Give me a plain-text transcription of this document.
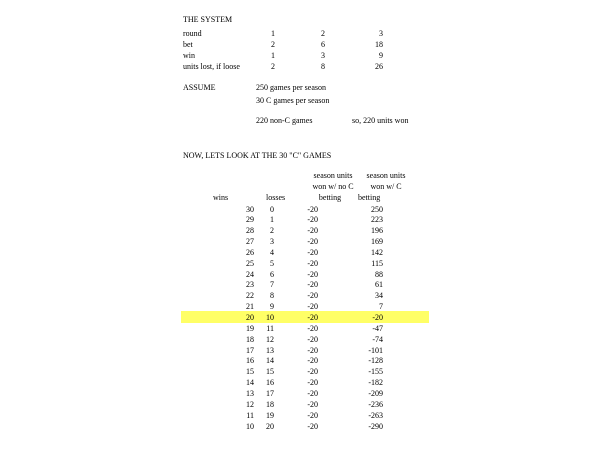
THE SYSTEM
round	1	2	3
bet	2	6	18
win	1	3	9
units lost, if loose	2	8	26
ASSUME	250 games per season
30 C games per season
220 non-C games	so, 220 units won
NOW, LETS LOOK AT THE 30 "C" GAMES
season units
won w/ no C
betting
season units
won w/ C
betting
wins	losses
30	0	-20	250
29	1	-20	223
28	2	-20	196
27	3	-20	169
26	4	-20	142
25	5	-20	115
24	6	-20	88
23	7	-20	61
22	8	-20	34
21	9	-20	7
20	10	-20	-20
19	11	-20	-47
18	12	-20	-74
17	13	-20	-101
16	14	-20	-128
15	15	-20	-155
14	16	-20	-182
13	17	-20	-209
12	18	-20	-236
11	19	-20	-263
10	20	-20	-290
